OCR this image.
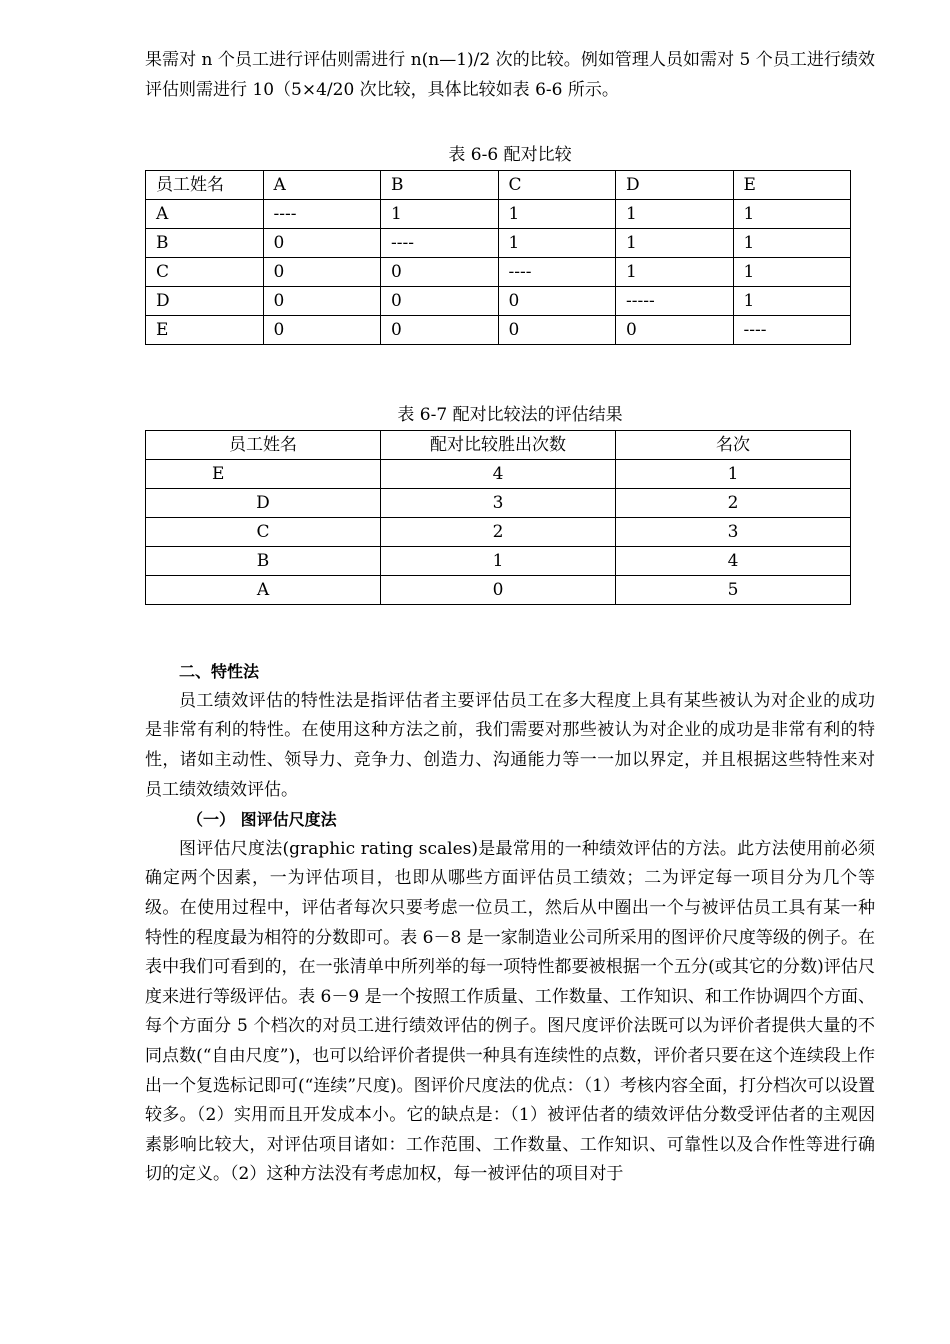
果需对 n 个员工进行评估则需进行 n(n—1)/2 次的比较。例如管理人员如需对 5 个员工进行绩效评估则需进行 10（5×4/20 次比较，具体比较如表 6-6 所示。

表 6-6 配对比较

员工姓名	A	B	C	D	E
A	----	1	1	1	1
B	0	----	1	1	1
C	0	0	----	1	1
D	0	0	0	-----	1
E	0	0	0	0	----

表 6-7 配对比较法的评估结果

员工姓名	配对比较胜出次数	名次
E	4	1
D	3	2
C	2	3
B	1	4
A	0	5

二、特性法

员工绩效评估的特性法是指评估者主要评估员工在多大程度上具有某些被认为对企业的成功是非常有利的特性。在使用这种方法之前，我们需要对那些被认为对企业的成功是非常有利的特性，诸如主动性、领导力、竞争力、创造力、沟通能力等一一加以界定，并且根据这些特性来对员工绩效绩效评估。

（一） 图评估尺度法

图评估尺度法(graphic rating scales)是最常用的一种绩效评估的方法。此方法使用前必须确定两个因素，一为评估项目，也即从哪些方面评估员工绩效；二为评定每一项目分为几个等级。在使用过程中，评估者每次只要考虑一位员工，然后从中圈出一个与被评估员工具有某一种特性的程度最为相符的分数即可。表 6－8 是一家制造业公司所采用的图评价尺度等级的例子。在表中我们可看到的，在一张清单中所列举的每一项特性都要被根据一个五分(或其它的分数)评估尺度来进行等级评估。表 6－9 是一个按照工作质量、工作数量、工作知识、和工作协调四个方面、每个方面分 5 个档次的对员工进行绩效评估的例子。图尺度评价法既可以为评价者提供大量的不同点数(“自由尺度”)，也可以给评价者提供一种具有连续性的点数，评价者只要在这个连续段上作出一个复选标记即可(“连续”尺度)。图评价尺度法的优点：（1）考核内容全面，打分档次可以设置较多。（2）实用而且开发成本小。它的缺点是：（1）被评估者的绩效评估分数受评估者的主观因素影响比较大，对评估项目诸如：工作范围、工作数量、工作知识、可靠性以及合作性等进行确切的定义。（2）这种方法没有考虑加权，每一被评估的项目对于
